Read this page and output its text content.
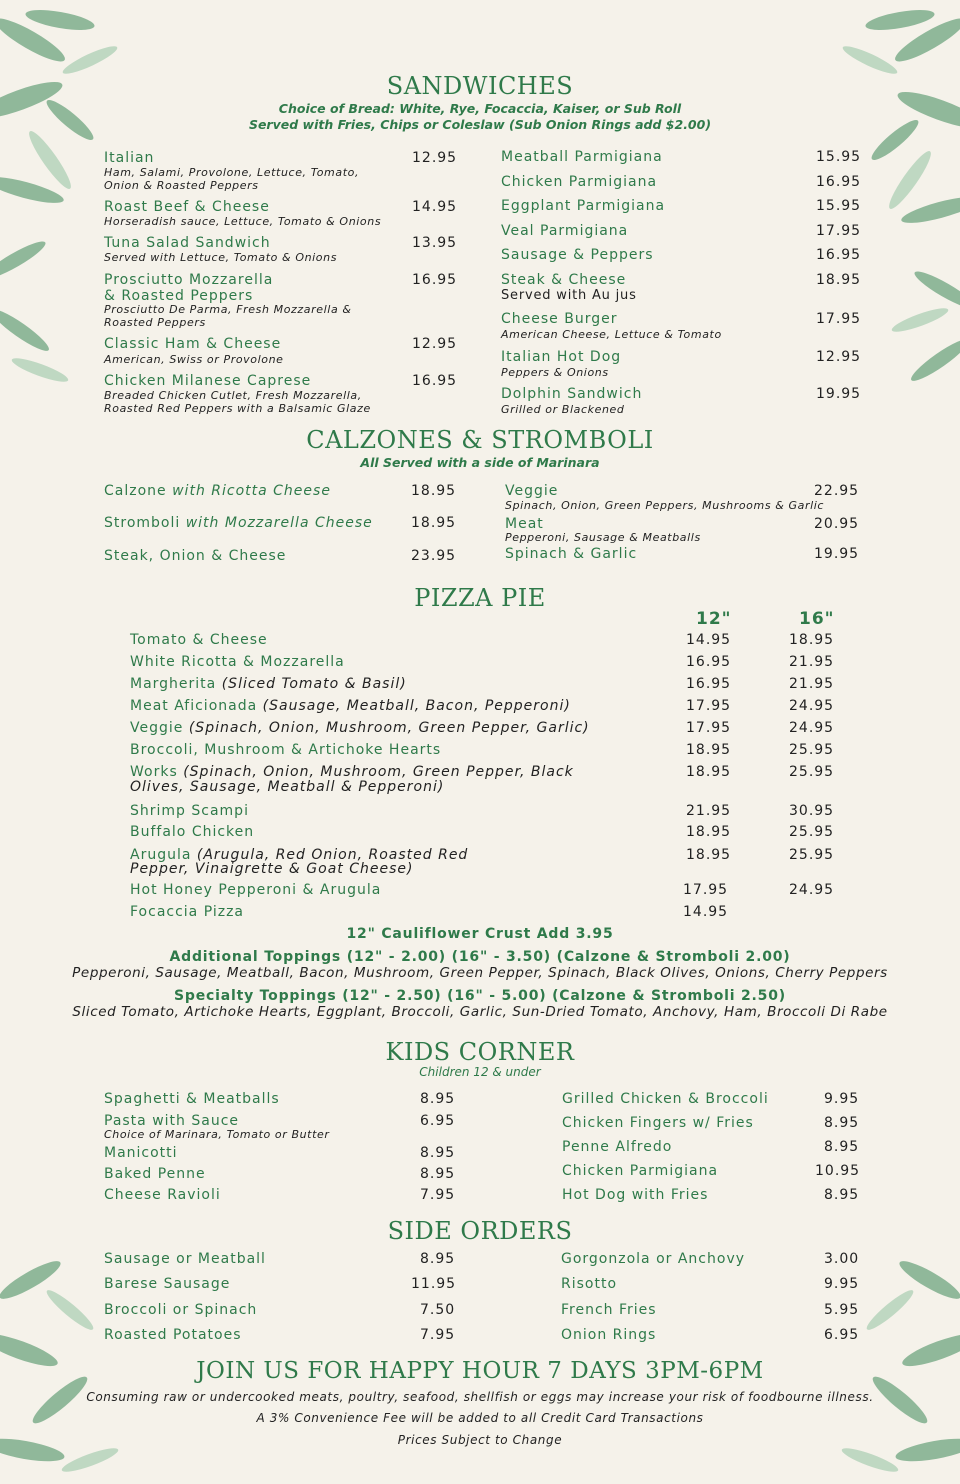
SANDWICHES
Choice of Bread: White, Rye, Focaccia, Kaiser, or Sub Roll
Served with Fries, Chips or Coleslaw (Sub Onion Rings add $2.00)
Italian	12.95
Ham, Salami, Provolone, Lettuce, Tomato,
Onion & Roasted Peppers
Roast Beef & Cheese	14.95
Horseradish sauce, Lettuce, Tomato & Onions
Tuna Salad Sandwich	13.95
Served with Lettuce, Tomato & Onions
Prosciutto Mozzarella
& Roasted Peppers
16.95
Prosciutto De Parma, Fresh Mozzarella &
Roasted Peppers
Classic Ham & Cheese	12.95
American, Swiss or Provolone
Chicken Milanese Caprese	16.95
Breaded Chicken Cutlet, Fresh Mozzarella,
Roasted Red Peppers with a Balsamic Glaze
Meatball Parmigiana	15.95
Chicken Parmigiana	16.95
Eggplant Parmigiana	15.95
Veal Parmigiana	17.95
Sausage & Peppers	16.95
Steak & Cheese	18.95
Served with Au jus
Cheese Burger	17.95
American Cheese, Lettuce & Tomato
Italian Hot Dog	12.95
Peppers & Onions
Dolphin Sandwich	19.95
Grilled or Blackened
CALZONES & STROMBOLI
All Served with a side of Marinara
Calzone with Ricotta Cheese	18.95
Stromboli with Mozzarella Cheese	18.95
Steak, Onion & Cheese	23.95
Veggie	22.95
Spinach, Onion, Green Peppers, Mushrooms & Garlic
Meat	20.95
Pepperoni, Sausage & Meatballs
Spinach & Garlic	19.95
PIZZA PIE
12"	16"
Tomato & Cheese	14.95	18.95
White Ricotta & Mozzarella	16.95	21.95
Margherita (Sliced Tomato & Basil)	16.95	21.95
Meat Aficionada (Sausage, Meatball, Bacon, Pepperoni)	17.95	24.95
Veggie (Spinach, Onion, Mushroom, Green Pepper, Garlic)	17.95	24.95
Broccoli, Mushroom & Artichoke Hearts	18.95	25.95
Works (Spinach, Onion, Mushroom, Green Pepper, Black
Olives, Sausage, Meatball & Pepperoni)
18.95	25.95
Shrimp Scampi	21.95	30.95
Buffalo Chicken	18.95	25.95
Arugula (Arugula, Red Onion, Roasted Red
Pepper, Vinaigrette & Goat Cheese)
18.95	25.95
Hot Honey Pepperoni & Arugula	17.95	24.95
Focaccia Pizza	14.95
12" Cauliflower Crust Add 3.95
Additional Toppings (12" - 2.00) (16" - 3.50) (Calzone & Stromboli 2.00)
Pepperoni, Sausage, Meatball, Bacon, Mushroom, Green Pepper, Spinach, Black Olives, Onions, Cherry Peppers
Specialty Toppings (12" - 2.50) (16" - 5.00) (Calzone & Stromboli 2.50)
Sliced Tomato, Artichoke Hearts, Eggplant, Broccoli, Garlic, Sun-Dried Tomato, Anchovy, Ham, Broccoli Di Rabe
KIDS CORNER
Children 12 & under
Spaghetti & Meatballs	8.95
Pasta with Sauce	6.95
Choice of Marinara, Tomato or Butter
Manicotti	8.95
Baked Penne	8.95
Cheese Ravioli	7.95
Grilled Chicken & Broccoli	9.95
Chicken Fingers w/ Fries	8.95
Penne Alfredo	8.95
Chicken Parmigiana	10.95
Hot Dog with Fries	8.95
SIDE ORDERS
Sausage or Meatball	8.95
Barese Sausage	11.95
Broccoli or Spinach	7.50
Roasted Potatoes	7.95
Gorgonzola or Anchovy	3.00
Risotto	9.95
French Fries	5.95
Onion Rings	6.95
JOIN US FOR HAPPY HOUR 7 DAYS 3PM-6PM
Consuming raw or undercooked meats, poultry, seafood, shellfish or eggs may increase your risk of foodbourne illness.
A 3% Convenience Fee will be added to all Credit Card Transactions
Prices Subject to Change
